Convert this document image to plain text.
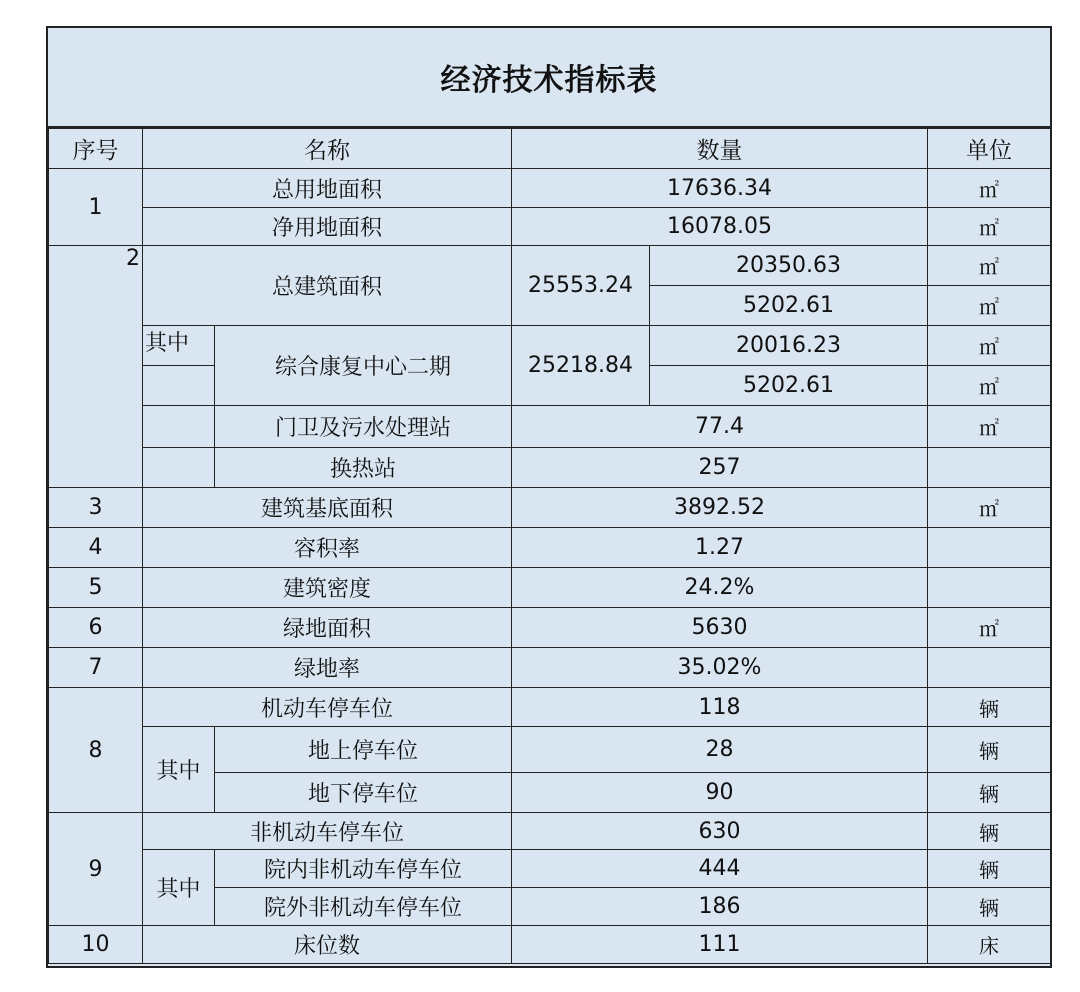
经济技术指标表
序号	名称		数量		单位
1	总用地面积		17636.34		㎡
	净用地面积		16078.05		㎡
2	总建筑面积		25553.24	20350.63	㎡
				5202.61	㎡
	其中	综合康复中心二期	25218.84	20016.23	㎡
				5202.61	㎡
		门卫及污水处理站	77.4		㎡
		换热站	257		
3	建筑基底面积		3892.52		㎡
4	容积率		1.27		
5	建筑密度		24.2%		
6	绿地面积		5630		㎡
7	绿地率		35.02%		
8	机动车停车位		118		辆
	其中	地上停车位	28		辆
		地下停车位	90		辆
9	非机动车停车位		630		辆
	其中	院内非机动车停车位	444		辆
		院外非机动车停车位	186		辆
10	床位数		111		床
